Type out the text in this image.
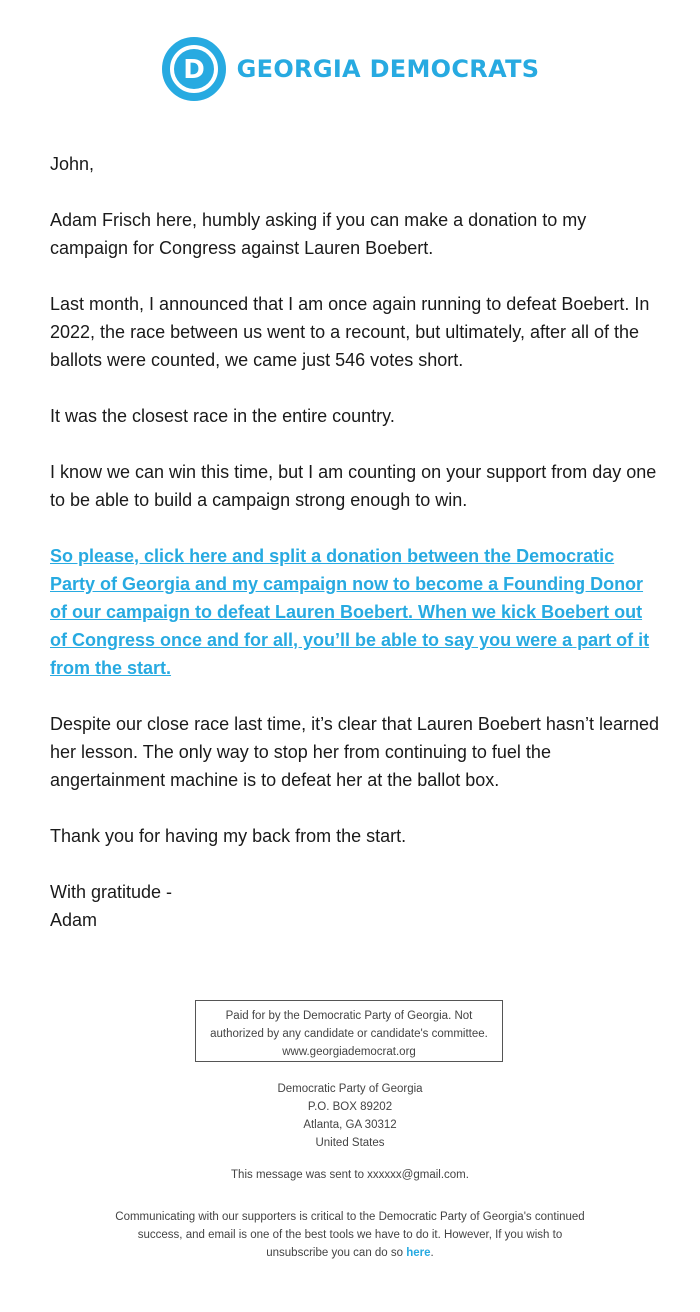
D GEORGIA DEMOCRATS

John,

Adam Frisch here, humbly asking if you can make a donation to my campaign for Congress against Lauren Boebert.

Last month, I announced that I am once again running to defeat Boebert. In 2022, the race between us went to a recount, but ultimately, after all of the ballots were counted, we came just 546 votes short.

It was the closest race in the entire country.

I know we can win this time, but I am counting on your support from day one to be able to build a campaign strong enough to win.

So please, click here and split a donation between the Democratic Party of Georgia and my campaign now to become a Founding Donor of our campaign to defeat Lauren Boebert. When we kick Boebert out of Congress once and for all, you’ll be able to say you were a part of it from the start.

Despite our close race last time, it’s clear that Lauren Boebert hasn’t learned her lesson. The only way to stop her from continuing to fuel the angertainment machine is to defeat her at the ballot box.

Thank you for having my back from the start.

With gratitude -
Adam
Paid for by the Democratic Party of Georgia. Not
authorized by any candidate or candidate's committee.
www.georgiademocrat.org
Democratic Party of Georgia
P.O. BOX 89202
Atlanta, GA 30312
United States
This message was sent to xxxxxx@gmail.com.
Communicating with our supporters is critical to the Democratic Party of Georgia's continued
success, and email is one of the best tools we have to do it. However, If you wish to
unsubscribe you can do so here.
